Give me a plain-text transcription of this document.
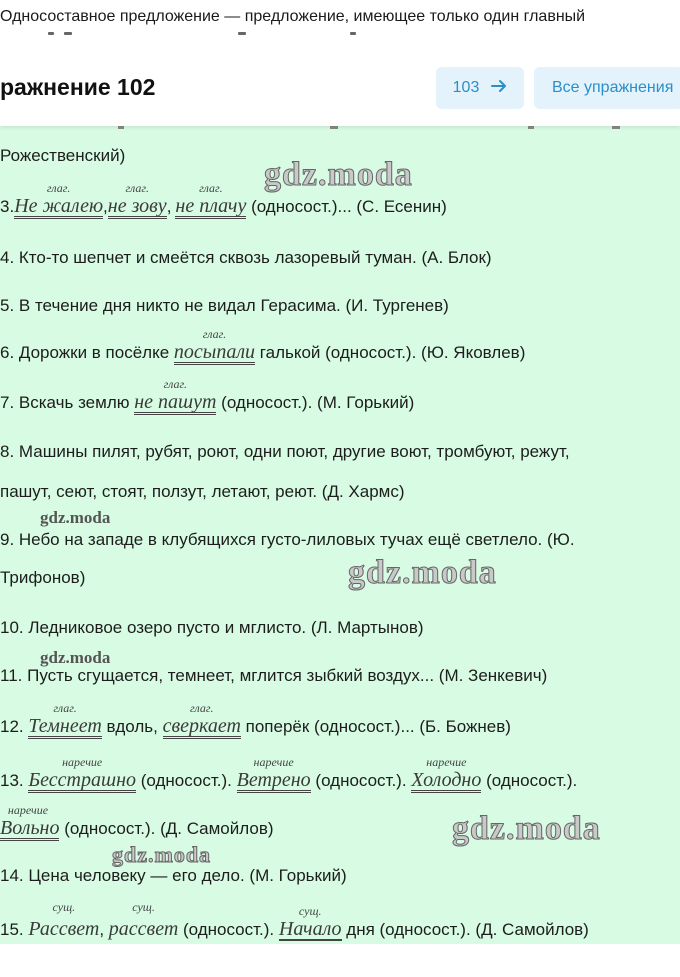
Односоставное предложение — предложение, имеющее только один главный
ражнение 102	103	Все упражнения
Рожественский)
3.
глаг.
Не жалею,
глаг.
не зову,
глаг.
не плачу (односост.)... (С. Есенин)
4. Кто-то шепчет и смеётся сквозь лазоревый туман. (А. Блок)
5. В течение дня никто не видал Герасима. (И. Тургенев)
6. Дорожки в посёлке
глаг.
посыпали галькой (односост.). (Ю. Яковлев)
7. Вскачь землю
глаг.
не пашут (односост.). (М. Горький)
8. Машины пилят, рубят, роют, одни поют, другие воют, тромбуют, режут,
пашут, сеют, стоят, ползут, летают, реют. (Д. Хармс)
9. Небо на западе в клубящихся густо-лиловых тучах ещё светлело. (Ю.
Трифонов)
10. Ледниковое озеро пусто и мглисто. (Л. Мартынов)
11. Пусть сгущается, темнеет, мглится зыбкий воздух... (М. Зенкевич)
12.
глаг.
Темнеет вдоль,
глаг.
сверкает поперёк (односост.)... (Б. Божнев)
13.
наречие
Бесстрашно (односост.).
наречие
Ветрено (односост.).
наречие
Холодно (односост.).
наречие
Вольно (односост.). (Д. Самойлов)
14. Цена человеку — его дело. (М. Горький)
15.
сущ.
Рассвет,
сущ.
рассвет (односост.).
сущ.
Начало дня (односост.). (Д. Самойлов)
gdz.moda
gdz.moda
gdz.moda
gdz.moda
gdz.moda
gdz.moda
